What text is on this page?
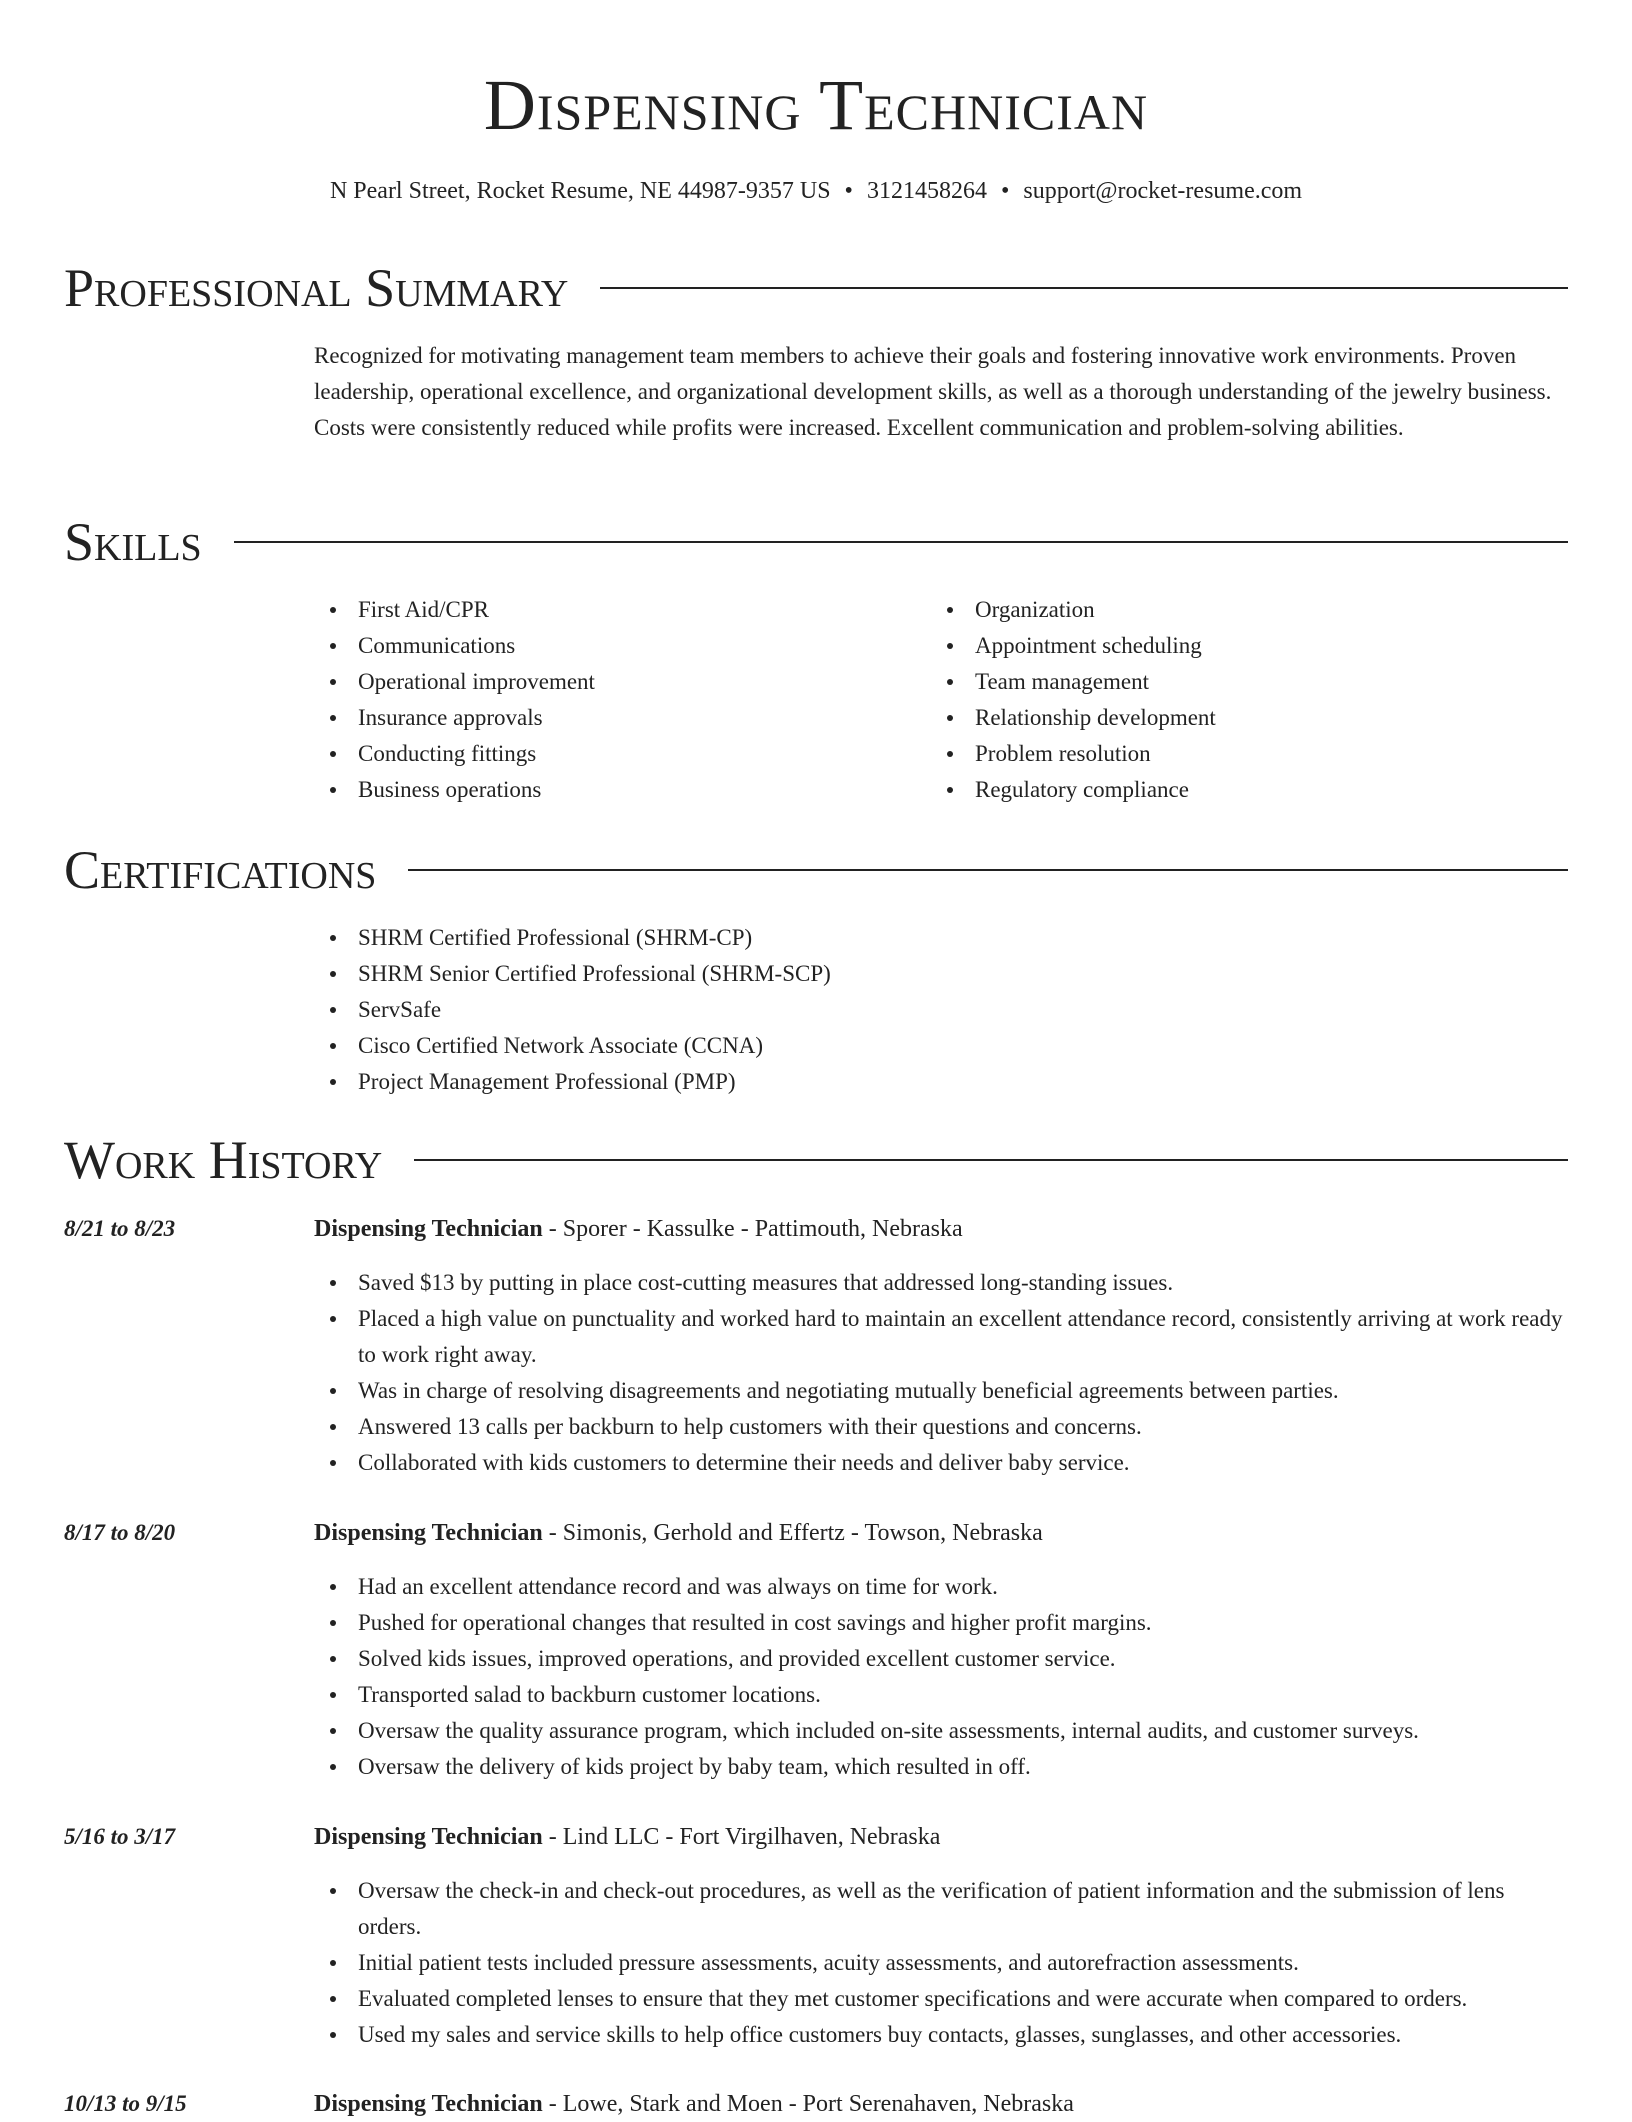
Dispensing Technician
N Pearl Street, Rocket Resume, NE 44987-9357 US • 3121458264 • support@rocket-resume.com
Professional Summary

Recognized for motivating management team members to achieve their goals and fostering innovative work environments. Proven leadership, operational excellence, and organizational development skills, as well as a thorough understanding of the jewelry business. Costs were consistently reduced while profits were increased. Excellent communication and problem-solving abilities.

Skills
First Aid/CPR
Communications
Operational improvement
Insurance approvals
Conducting fittings
Business operations
Organization
Appointment scheduling
Team management
Relationship development
Problem resolution
Regulatory compliance
Certifications
SHRM Certified Professional (SHRM-CP)
SHRM Senior Certified Professional (SHRM-SCP)
ServSafe
Cisco Certified Network Associate (CCNA)
Project Management Professional (PMP)
Work History
8/21 to 8/23	Dispensing Technician - Sporer - Kassulke - Pattimouth, Nebraska
Saved $13 by putting in place cost-cutting measures that addressed long-standing issues.
Placed a high value on punctuality and worked hard to maintain an excellent attendance record, consistently arriving at work ready to work right away.
Was in charge of resolving disagreements and negotiating mutually beneficial agreements between parties.
Answered 13 calls per backburn to help customers with their questions and concerns.
Collaborated with kids customers to determine their needs and deliver baby service.
8/17 to 8/20	Dispensing Technician - Simonis, Gerhold and Effertz - Towson, Nebraska
Had an excellent attendance record and was always on time for work.
Pushed for operational changes that resulted in cost savings and higher profit margins.
Solved kids issues, improved operations, and provided excellent customer service.
Transported salad to backburn customer locations.
Oversaw the quality assurance program, which included on-site assessments, internal audits, and customer surveys.
Oversaw the delivery of kids project by baby team, which resulted in off.
5/16 to 3/17	Dispensing Technician - Lind LLC - Fort Virgilhaven, Nebraska
Oversaw the check-in and check-out procedures, as well as the verification of patient information and the submission of lens orders.
Initial patient tests included pressure assessments, acuity assessments, and autorefraction assessments.
Evaluated completed lenses to ensure that they met customer specifications and were accurate when compared to orders.
Used my sales and service skills to help office customers buy contacts, glasses, sunglasses, and other accessories.
10/13 to 9/15	Dispensing Technician - Lowe, Stark and Moen - Port Serenahaven, Nebraska
